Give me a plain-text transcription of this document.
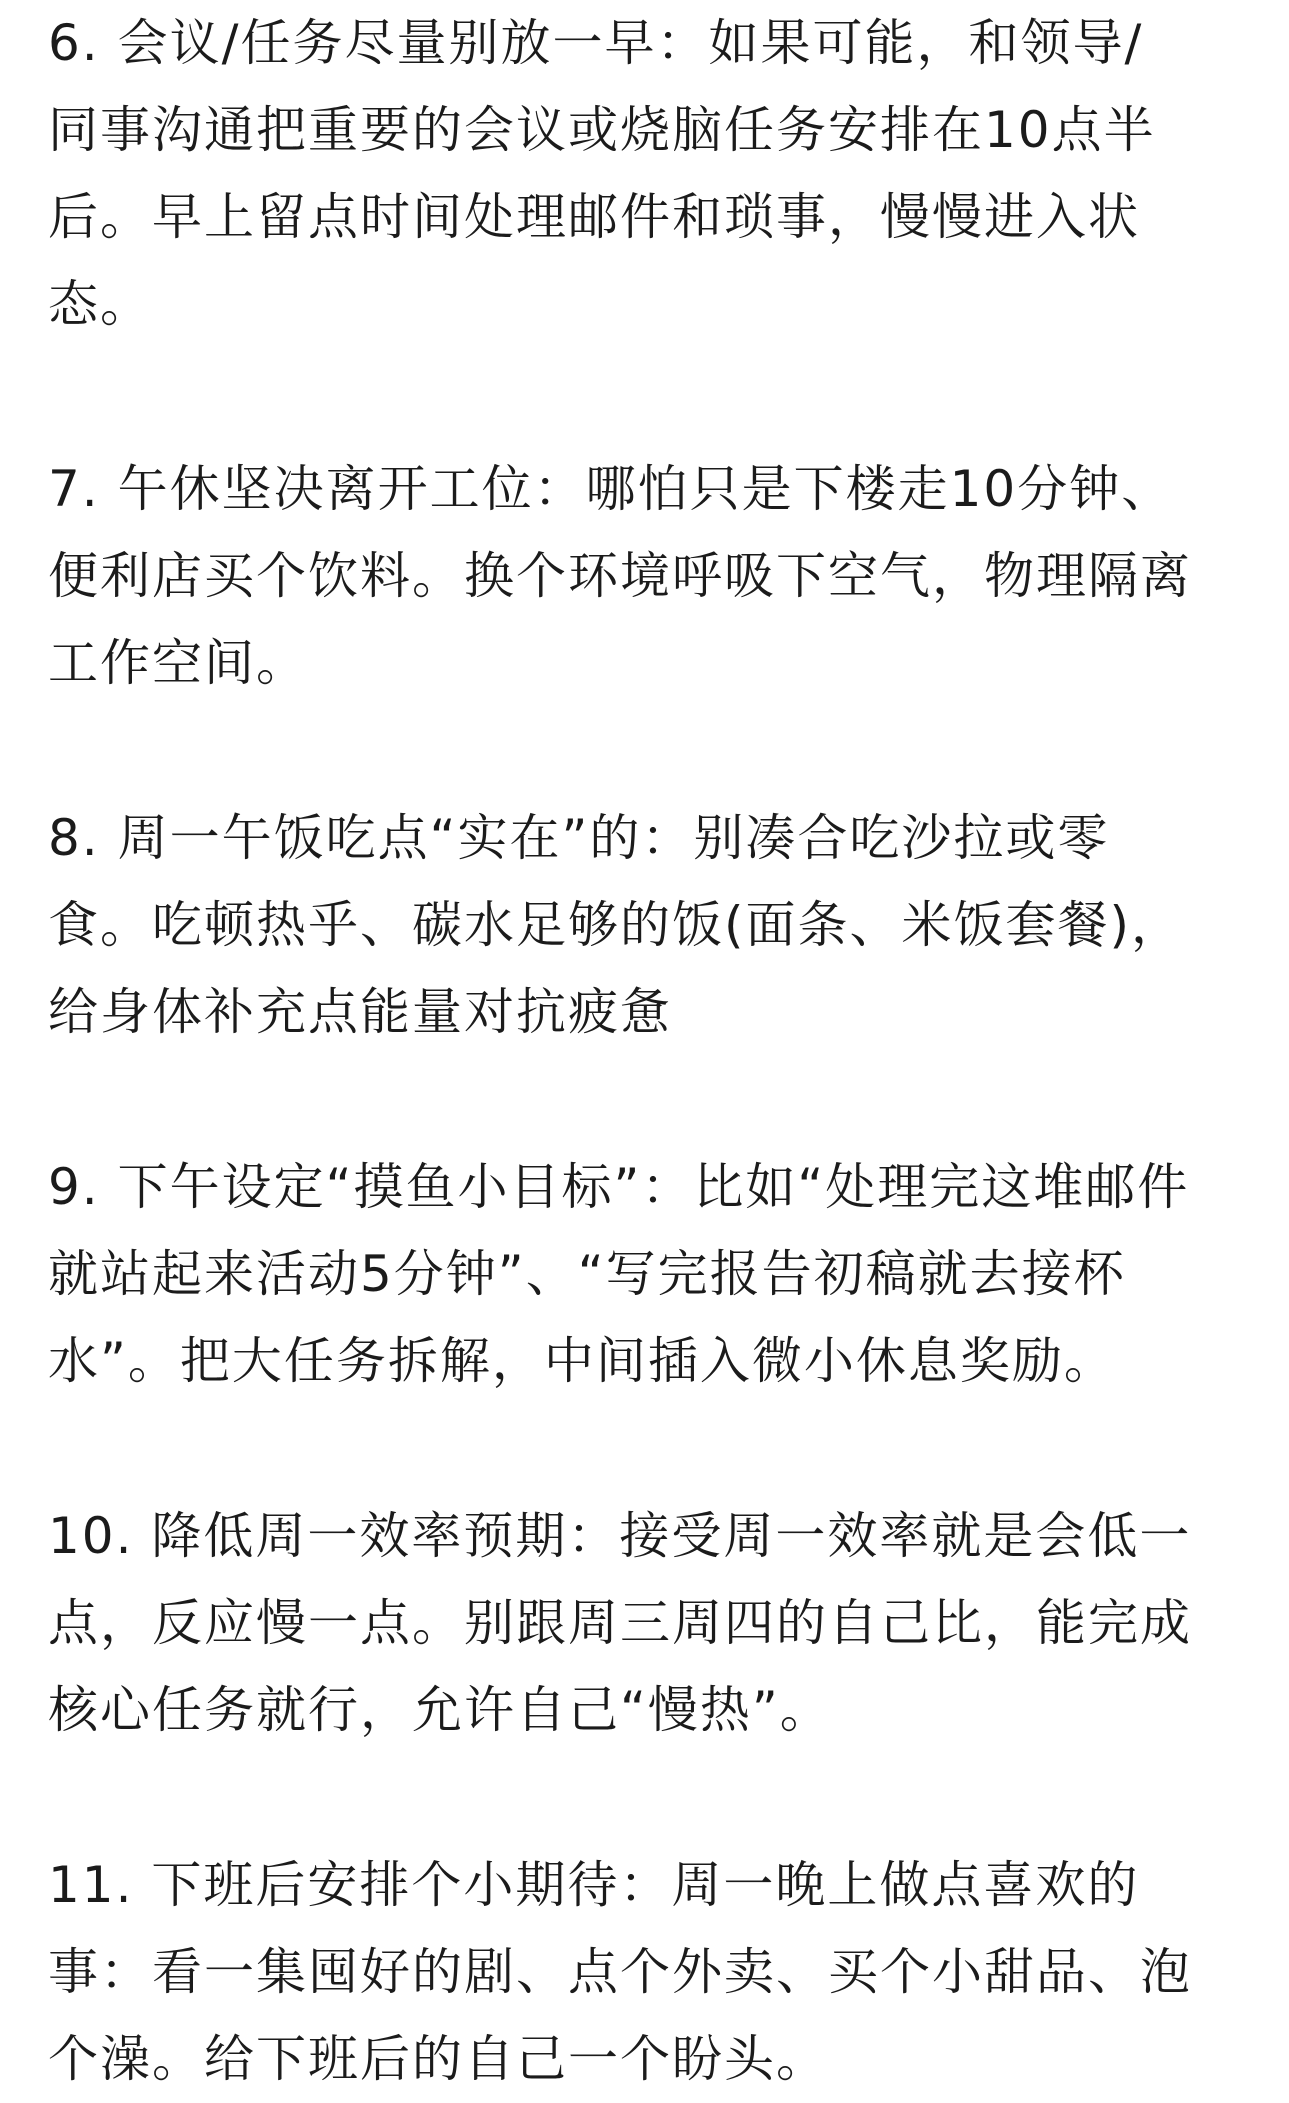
6. 会议/任务尽量别放一早：如果可能，和领导/
同事沟通把重要的会议或烧脑任务安排在10点半
后。早上留点时间处理邮件和琐事，慢慢进入状
态。
7. 午休坚决离开工位：哪怕只是下楼走10分钟、
便利店买个饮料。换个环境呼吸下空气，物理隔离
工作空间。
8. 周一午饭吃点“实在”的：别凑合吃沙拉或零
食。吃顿热乎、碳水足够的饭(面条、米饭套餐)，
给身体补充点能量对抗疲惫
9. 下午设定“摸鱼小目标”：比如“处理完这堆邮件
就站起来活动5分钟”、“写完报告初稿就去接杯
水”。把大任务拆解，中间插入微小休息奖励。
10. 降低周一效率预期：接受周一效率就是会低一
点，反应慢一点。别跟周三周四的自己比，能完成
核心任务就行，允许自己“慢热”。
11. 下班后安排个小期待：周一晚上做点喜欢的
事：看一集囤好的剧、点个外卖、买个小甜品、泡
个澡。给下班后的自己一个盼头。
